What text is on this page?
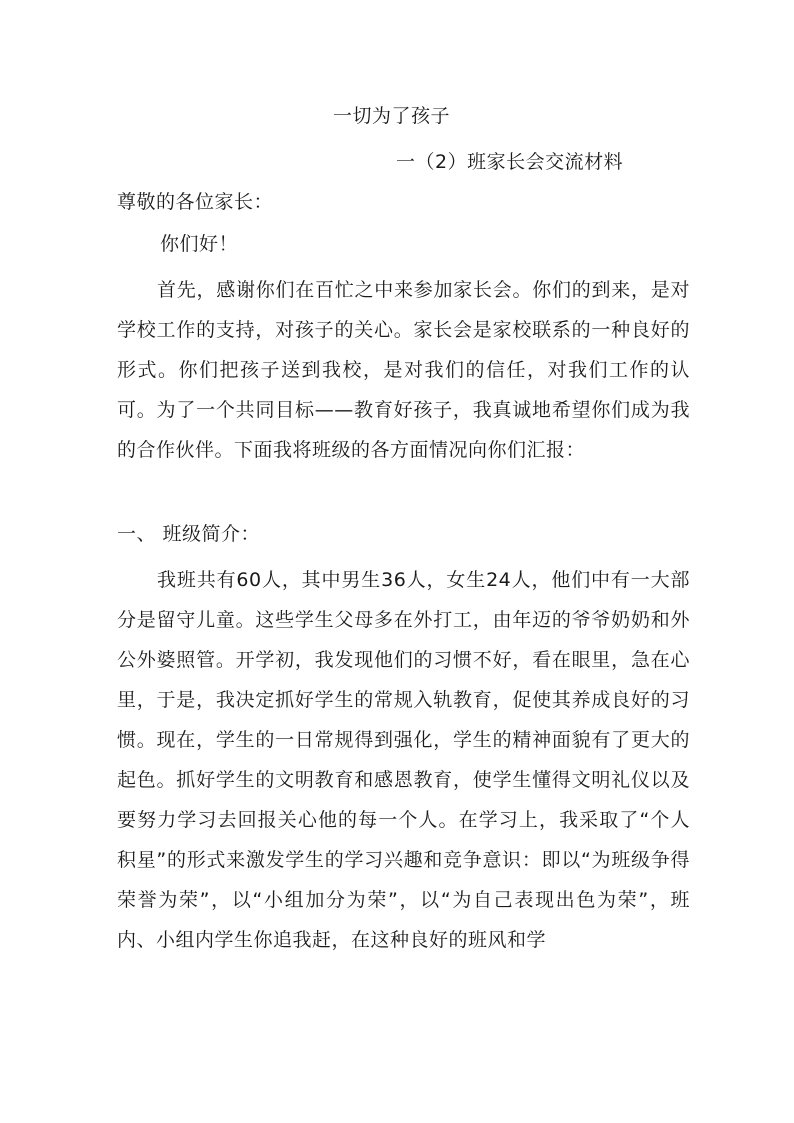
一切为了孩子
一（2）班家长会交流材料
尊敬的各位家长：
你们好！

首先，感谢你们在百忙之中来参加家长会。你们的到来，是对学校工作的支持，对孩子的关心。家长会是家校联系的一种良好的形式。你们把孩子送到我校，是对我们的信任，对我们工作的认可。为了一个共同目标——教育好孩子，我真诚地希望你们成为我的合作伙伴。下面我将班级的各方面情况向你们汇报：

一、 班级简介：

我班共有60人，其中男生36人，女生24人，他们中有一大部分是留守儿童。这些学生父母多在外打工，由年迈的爷爷奶奶和外公外婆照管。开学初，我发现他们的习惯不好，看在眼里，急在心里，于是，我决定抓好学生的常规入轨教育，促使其养成良好的习惯。现在，学生的一日常规得到强化，学生的精神面貌有了更大的起色。抓好学生的文明教育和感恩教育，使学生懂得文明礼仪以及要努力学习去回报关心他的每一个人。在学习上，我采取了“个人积星”的形式来激发学生的学习兴趣和竞争意识：即以“为班级争得荣誉为荣”，以“小组加分为荣”，以“为自己表现出色为荣”，班内、小组内学生你追我赶，在这种良好的班风和学
